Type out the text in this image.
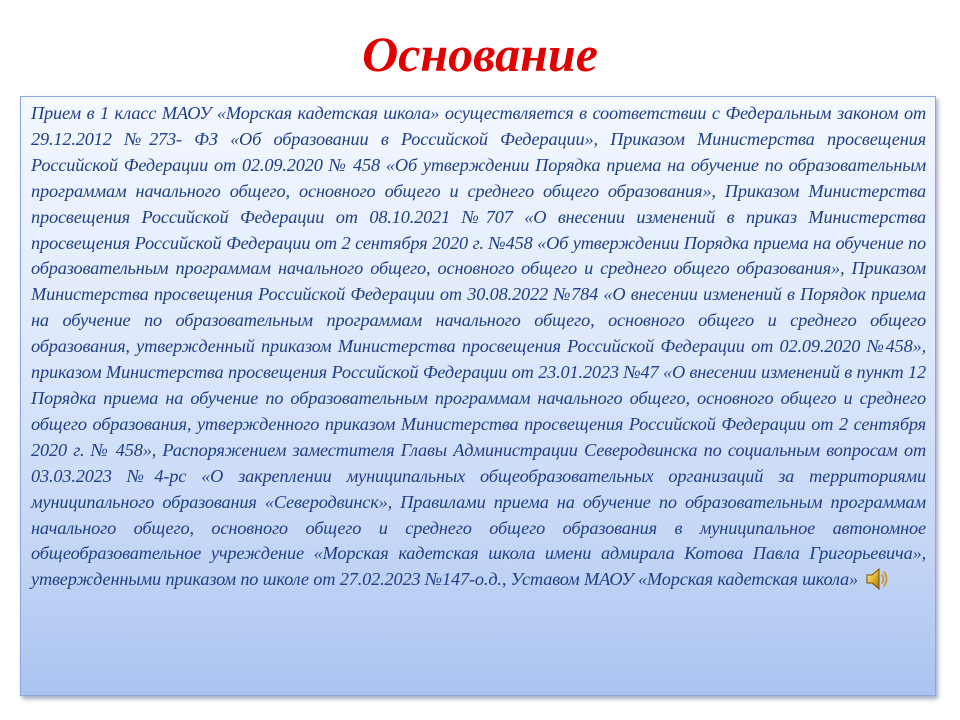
Основание

Прием в 1 класс МАОУ «Морская кадетская школа» осуществляется в соответствии с Федеральным законом от 29.12.2012 №273- ФЗ «Об образовании в Российской Федерации», Приказом Министерства просвещения Российской Федерации от 02.09.2020 № 458 «Об утверждении Порядка приема на обучение по образовательным программам начального общего, основного общего и среднего общего образования», Приказом Министерства просвещения Российской Федерации от 08.10.2021 №707 «О внесении изменений в приказ Министерства просвещения Российской Федерации от 2 сентября 2020 г. №458 «Об утверждении Порядка приема на обучение по образовательным программам начального общего, основного общего и среднего общего образования», Приказом Министерства просвещения Российской Федерации от 30.08.2022 №784 «О внесении изменений в Порядок приема на обучение по образовательным программам начального общего, основного общего и среднего общего образования, утвержденный приказом Министерства просвещения Российской Федерации от 02.09.2020 №458», приказом Министерства просвещения Российской Федерации от 23.01.2023 №47 «О внесении изменений в пункт 12 Порядка приема на обучение по образовательным программам начального общего, основного общего и среднего общего образования, утвержденного приказом Министерства просвещения Российской Федерации от 2 сентября 2020 г. № 458», Распоряжением заместителя Главы Администрации Северодвинска по социальным вопросам от 03.03.2023 №4-рс «О закреплении муниципальных общеобразовательных организаций за территориями муниципального образования «Северодвинск», Правилами приема на обучение по образовательным программам начального общего, основного общего и среднего общего образования в муниципальное автономное общеобразовательное учреждение «Морская кадетская школа имени адмирала Котова Павла Григорьевича», утвержденными приказом по школе от 27.02.2023 №147-о.д., Уставом МАОУ «Морская кадетская школа»
